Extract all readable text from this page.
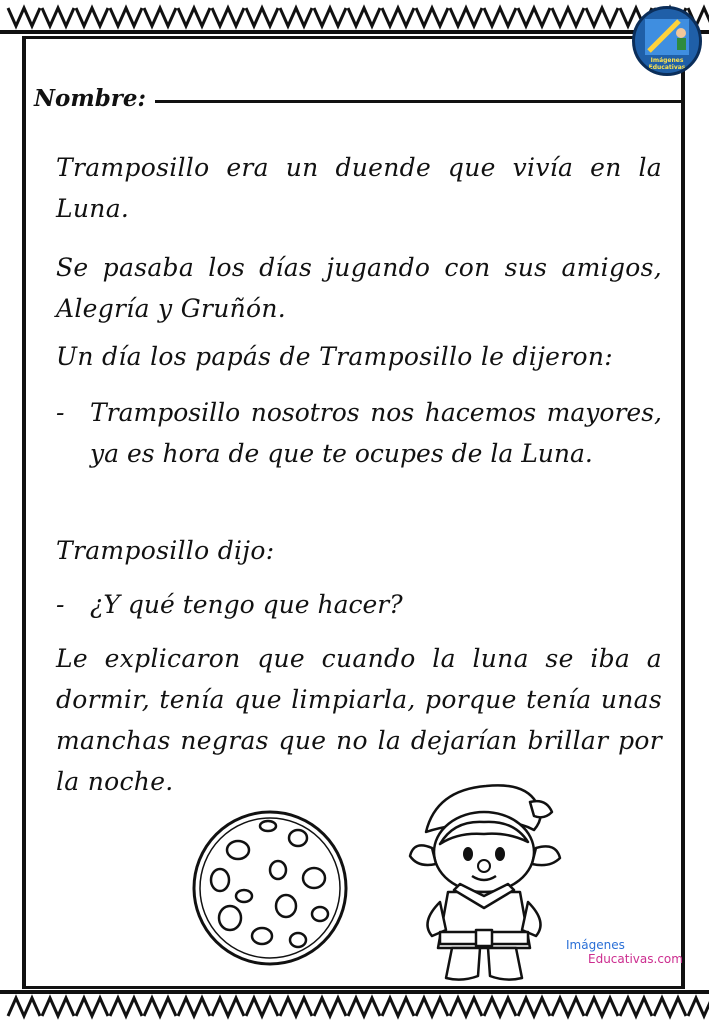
Imágenes Educativas
Nombre:
Tramposillo era un duende que vivía en la Luna.
Se pasaba los días jugando con sus amigos, Alegría y Gruñón.
Un día los papás de Tramposillo le dijeron:
-	Tramposillo nosotros nos hacemos mayores, ya es hora de que te ocupes de la Luna.
Tramposillo dijo:
-	¿Y qué tengo que hacer?
Le explicaron que cuando la luna se iba a dormir, tenía que limpiarla, porque tenía unas manchas negras que no la dejarían brillar por la noche.
Imágenes
Educativas.com
